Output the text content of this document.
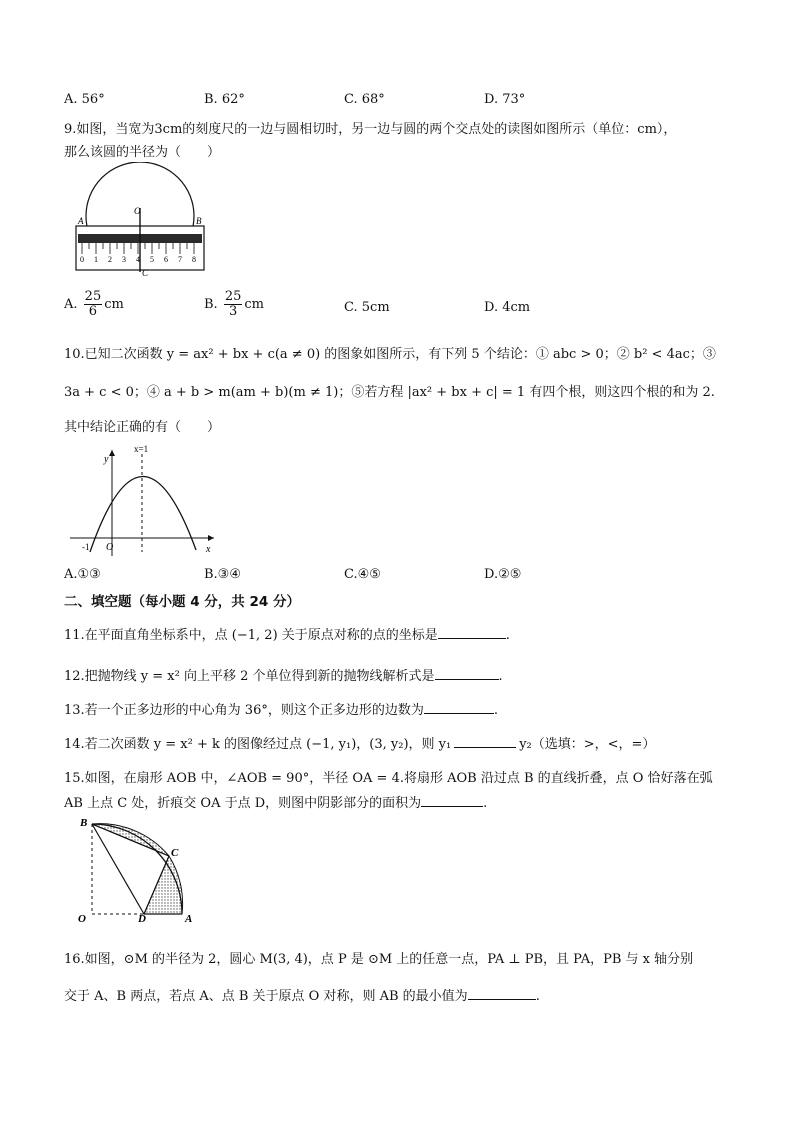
A. 56°	B. 62°	C. 68°	D. 73°
9.如图，当宽为3cm的刻度尺的一边与圆相切时，另一边与圆的两个交点处的读图如图所示（单位：cm），
那么该圆的半径为（　　）
0 1 2 3 4 5 6 7 8
A	B
O
C
A. $\frac{25}{6}$ cm	B. $\frac{25}{3}$ cm	C. 5cm	D. 4cm
10.已知二次函数 y = ax² + bx + c(a ≠ 0) 的图象如图所示，有下列 5 个结论：① abc > 0；② b² < 4ac；③
3a + c < 0；④ a + b > m(am + b)(m ≠ 1)；⑤若方程 |ax² + bx + c| = 1 有四个根，则这四个根的和为 2.
其中结论正确的有（　　）
y
x
x=1
-1 O
A.①③	B.③④	C.④⑤	D.②⑤
二、填空题（每小题 4 分，共 24 分）
11.在平面直角坐标系中，点 (−1, 2) 关于原点对称的点的坐标是	.
12.把抛物线 y = x² 向上平移 2 个单位得到新的抛物线解析式是	.
13.若一个正多边形的中心角为 36°，则这个正多边形的边数为	.
14.若二次函数 y = x² + k 的图像经过点 (−1, y₁)，(3, y₂)，则 y₁	y₂（选填：>，<，=）
15.如图，在扇形 AOB 中，∠AOB = 90°，半径 OA = 4.将扇形 AOB 沿过点 B 的直线折叠，点 O 恰好落在弧
AB 上点 C 处，折痕交 OA 于点 D，则图中阴影部分的面积为	.
B
C
O	D	A
16.如图，⊙M 的半径为 2，圆心 M(3, 4)，点 P 是 ⊙M 上的任意一点，PA ⊥ PB，且 PA，PB 与 x 轴分别
交于 A、B 两点，若点 A、点 B 关于原点 O 对称，则 AB 的最小值为	.
